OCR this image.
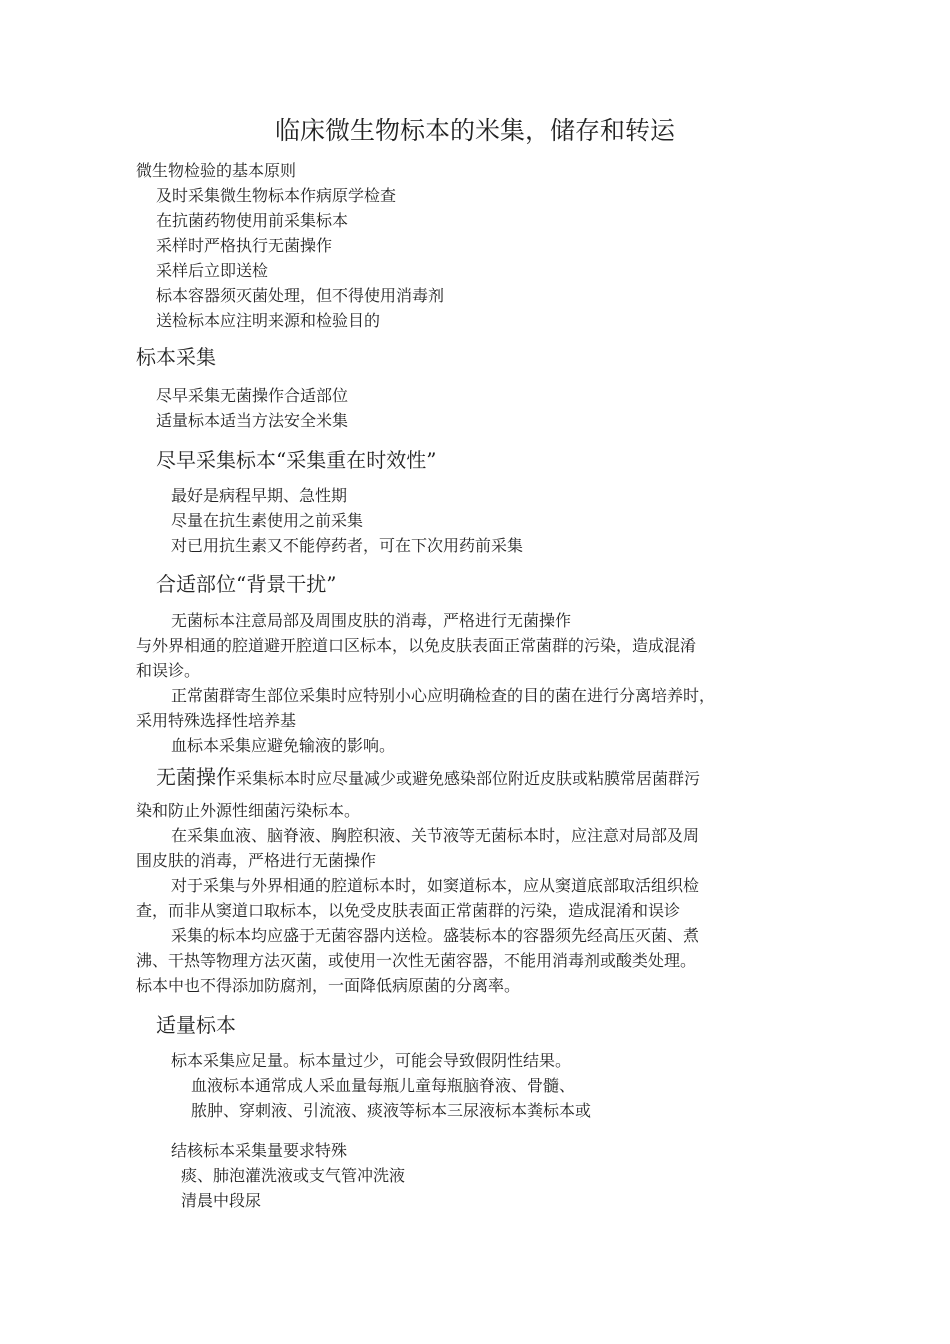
临床微生物标本的米集，储存和转运
微生物检验的基本原则
及时采集微生物标本作病原学检查
在抗菌药物使用前采集标本
采样时严格执行无菌操作
采样后立即送检
标本容器须灭菌处理，但不得使用消毒剂
送检标本应注明来源和检验目的
标本采集
尽早采集无菌操作合适部位
适量标本适当方法安全米集
尽早采集标本“采集重在时效性”
最好是病程早期、急性期
尽量在抗生素使用之前采集
对已用抗生素又不能停药者，可在下次用药前采集
合适部位“背景干扰”
无菌标本注意局部及周围皮肤的消毒，严格进行无菌操作
与外界相通的腔道避开腔道口区标本，以免皮肤表面正常菌群的污染，造成混淆
和误诊。
正常菌群寄生部位采集时应特别小心应明确检查的目的菌在进行分离培养时，
采用特殊选择性培养基
血标本采集应避免输液的影响。
无菌操作采集标本时应尽量减少或避免感染部位附近皮肤或粘膜常居菌群污
染和防止外源性细菌污染标本。
在采集血液、脑脊液、胸腔积液、关节液等无菌标本时，应注意对局部及周
围皮肤的消毒，严格进行无菌操作
对于采集与外界相通的腔道标本时，如窦道标本，应从窦道底部取活组织检
查，而非从窦道口取标本，以免受皮肤表面正常菌群的污染，造成混淆和误诊
采集的标本均应盛于无菌容器内送检。盛装标本的容器须先经高压灭菌、煮
沸、干热等物理方法灭菌，或使用一次性无菌容器，不能用消毒剂或酸类处理。
标本中也不得添加防腐剂，一面降低病原菌的分离率。
适量标本
标本采集应足量。标本量过少，可能会导致假阴性结果。
血液标本通常成人采血量每瓶儿童每瓶脑脊液、骨髓、
脓肿、穿刺液、引流液、痰液等标本三尿液标本粪标本或
结核标本采集量要求特殊
痰、肺泡灌洗液或支气管冲洗液
清晨中段尿
